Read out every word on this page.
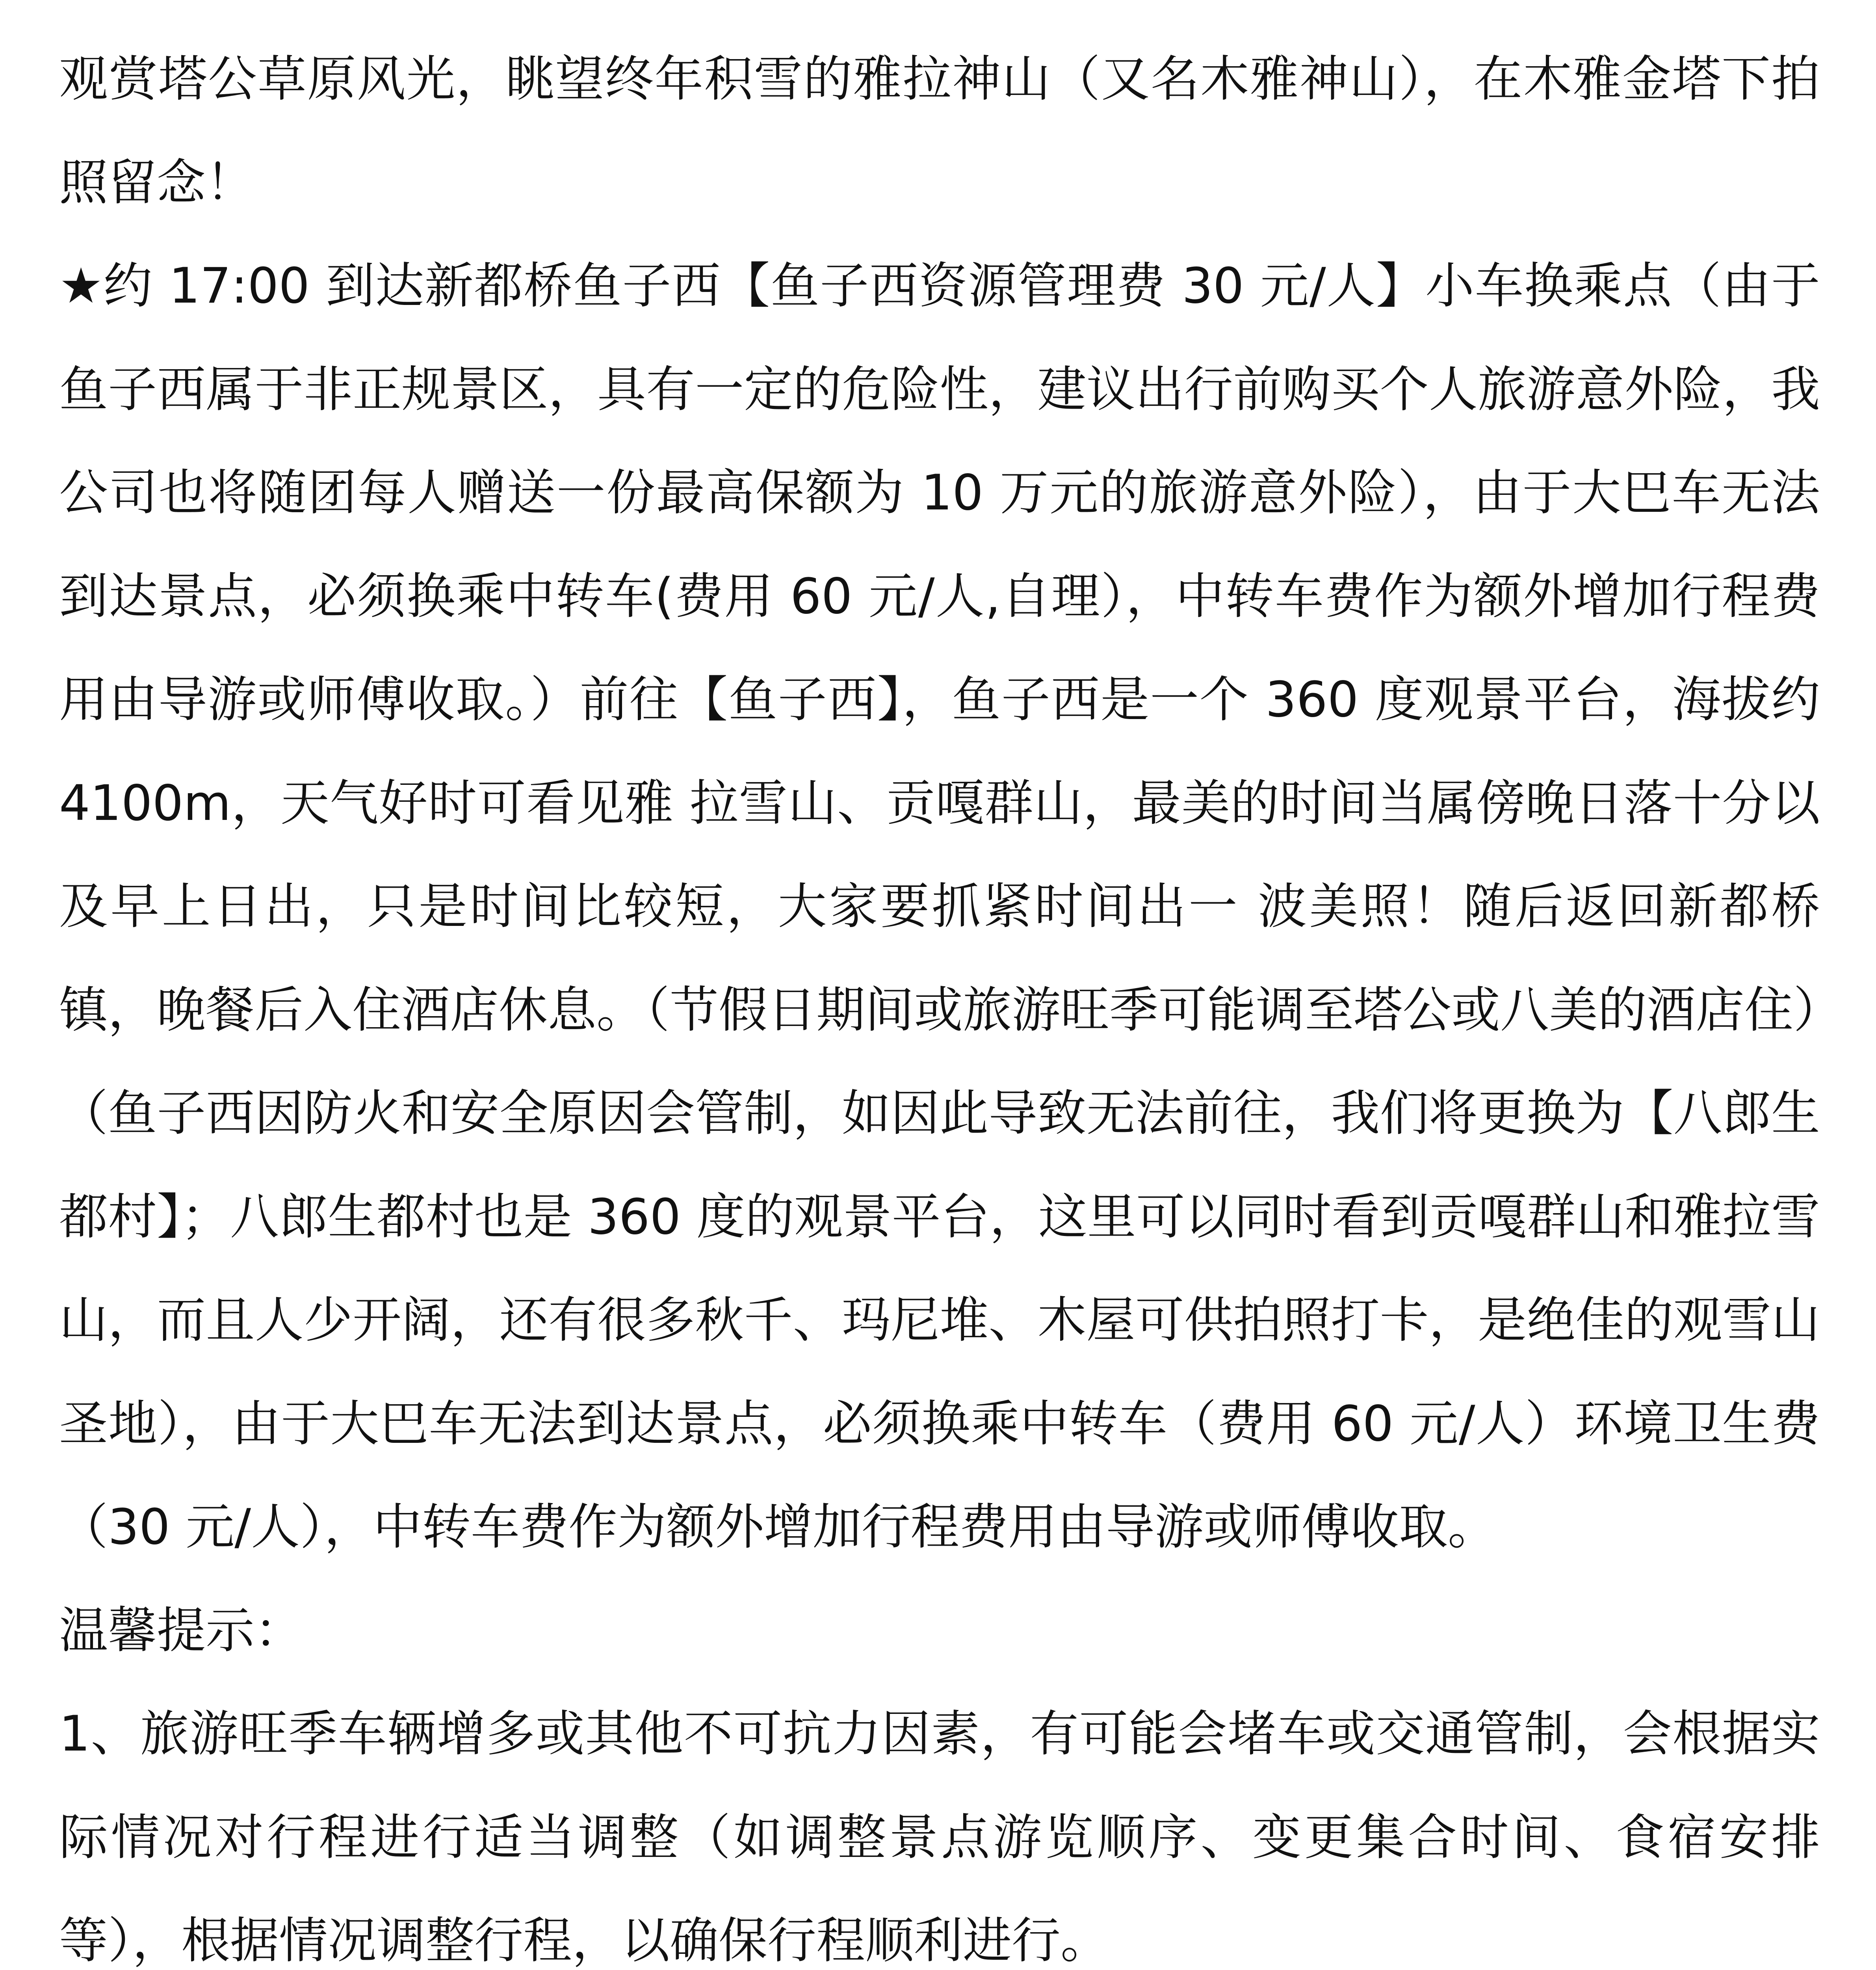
观赏塔公草原风光，眺望终年积雪的雅拉神山（又名木雅神山），在木雅金塔下拍照留念！

★约 17:00 到达新都桥鱼子西【鱼子西资源管理费 30 元/人】小车换乘点（由于鱼子西属于非正规景区，具有一定的危险性，建议出行前购买个人旅游意外险，我公司也将随团每人赠送一份最高保额为 10 万元的旅游意外险），由于大巴车无法到达景点，必须换乘中转车(费用 60 元/人,自理），中转车费作为额外增加行程费用由导游或师傅收取。）前往【鱼子西】，鱼子西是一个 360 度观景平台，海拔约 4100m，天气好时可看见雅 拉雪山、贡嘎群山，最美的时间当属傍晚日落十分以及早上日出，只是时间比较短，大家要抓紧时间出一 波美照！随后返回新都桥镇，晚餐后入住酒店休息。（节假日期间或旅游旺季可能调至塔公或八美的酒店住）

（鱼子西因防火和安全原因会管制，如因此导致无法前往，我们将更换为【八郎生都村】；八郎生都村也是 360 度的观景平台，这里可以同时看到贡嘎群山和雅拉雪山，而且人少开阔，还有很多秋千、玛尼堆、木屋可供拍照打卡，是绝佳的观雪山圣地），由于大巴车无法到达景点，必须换乘中转车（费用 60 元/人）环境卫生费（30 元/人），中转车费作为额外增加行程费用由导游或师傅收取。

温馨提示：

1、旅游旺季车辆增多或其他不可抗力因素，有可能会堵车或交通管制，会根据实际情况对行程进行适当调整（如调整景点游览顺序、变更集合时间、食宿安排等），根据情况调整行程，以确保行程顺利进行。
